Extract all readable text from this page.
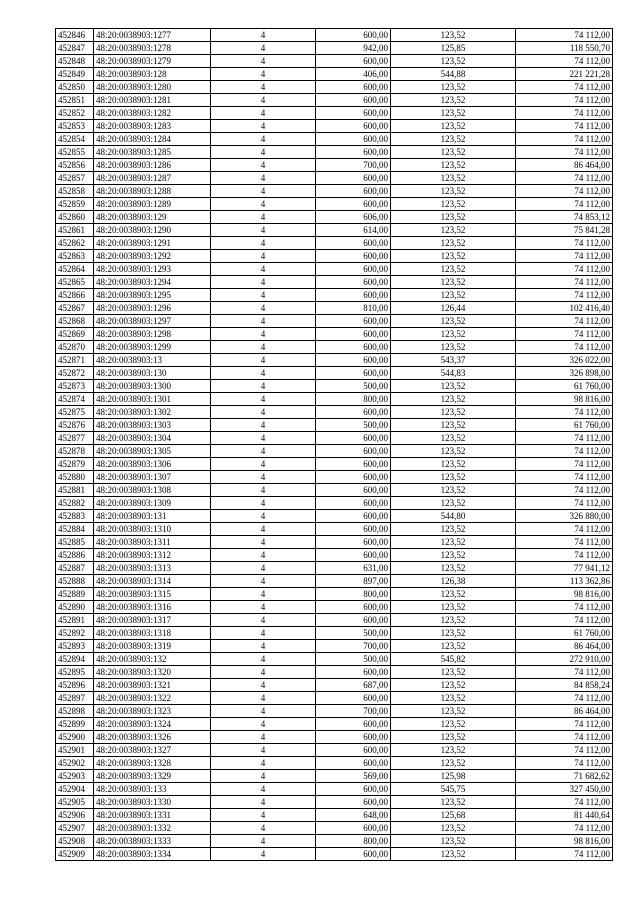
452846	48:20:0038903:1277	4	600,00	123,52	74 112,00
452847	48:20:0038903:1278	4	942,00	125,85	118 550,70
452848	48:20:0038903:1279	4	600,00	123,52	74 112,00
452849	48:20:0038903:128	4	406,00	544,88	221 221,28
452850	48:20:0038903:1280	4	600,00	123,52	74 112,00
452851	48:20:0038903:1281	4	600,00	123,52	74 112,00
452852	48:20:0038903:1282	4	600,00	123,52	74 112,00
452853	48:20:0038903:1283	4	600,00	123,52	74 112,00
452854	48:20:0038903:1284	4	600,00	123,52	74 112,00
452855	48:20:0038903:1285	4	600,00	123,52	74 112,00
452856	48:20:0038903:1286	4	700,00	123,52	86 464,00
452857	48:20:0038903:1287	4	600,00	123,52	74 112,00
452858	48:20:0038903:1288	4	600,00	123,52	74 112,00
452859	48:20:0038903:1289	4	600,00	123,52	74 112,00
452860	48:20:0038903:129	4	606,00	123,52	74 853,12
452861	48:20:0038903:1290	4	614,00	123,52	75 841,28
452862	48:20:0038903:1291	4	600,00	123,52	74 112,00
452863	48:20:0038903:1292	4	600,00	123,52	74 112,00
452864	48:20:0038903:1293	4	600,00	123,52	74 112,00
452865	48:20:0038903:1294	4	600,00	123,52	74 112,00
452866	48:20:0038903:1295	4	600,00	123,52	74 112,00
452867	48:20:0038903:1296	4	810,00	126,44	102 416,40
452868	48:20:0038903:1297	4	600,00	123,52	74 112,00
452869	48:20:0038903:1298	4	600,00	123,52	74 112,00
452870	48:20:0038903:1299	4	600,00	123,52	74 112,00
452871	48:20:0038903:13	4	600,00	543,37	326 022,00
452872	48:20:0038903:130	4	600,00	544,83	326 898,00
452873	48:20:0038903:1300	4	500,00	123,52	61 760,00
452874	48:20:0038903:1301	4	800,00	123,52	98 816,00
452875	48:20:0038903:1302	4	600,00	123,52	74 112,00
452876	48:20:0038903:1303	4	500,00	123,52	61 760,00
452877	48:20:0038903:1304	4	600,00	123,52	74 112,00
452878	48:20:0038903:1305	4	600,00	123,52	74 112,00
452879	48:20:0038903:1306	4	600,00	123,52	74 112,00
452880	48:20:0038903:1307	4	600,00	123,52	74 112,00
452881	48:20:0038903:1308	4	600,00	123,52	74 112,00
452882	48:20:0038903:1309	4	600,00	123,52	74 112,00
452883	48:20:0038903:131	4	600,00	544,80	326 880,00
452884	48:20:0038903:1310	4	600,00	123,52	74 112,00
452885	48:20:0038903:1311	4	600,00	123,52	74 112,00
452886	48:20:0038903:1312	4	600,00	123,52	74 112,00
452887	48:20:0038903:1313	4	631,00	123,52	77 941,12
452888	48:20:0038903:1314	4	897,00	126,38	113 362,86
452889	48:20:0038903:1315	4	800,00	123,52	98 816,00
452890	48:20:0038903:1316	4	600,00	123,52	74 112,00
452891	48:20:0038903:1317	4	600,00	123,52	74 112,00
452892	48:20:0038903:1318	4	500,00	123,52	61 760,00
452893	48:20:0038903:1319	4	700,00	123,52	86 464,00
452894	48:20:0038903:132	4	500,00	545,82	272 910,00
452895	48:20:0038903:1320	4	600,00	123,52	74 112,00
452896	48:20:0038903:1321	4	687,00	123,52	84 858,24
452897	48:20:0038903:1322	4	600,00	123,52	74 112,00
452898	48:20:0038903:1323	4	700,00	123,52	86 464,00
452899	48:20:0038903:1324	4	600,00	123,52	74 112,00
452900	48:20:0038903:1326	4	600,00	123,52	74 112,00
452901	48:20:0038903:1327	4	600,00	123,52	74 112,00
452902	48:20:0038903:1328	4	600,00	123,52	74 112,00
452903	48:20:0038903:1329	4	569,00	125,98	71 682,62
452904	48:20:0038903:133	4	600,00	545,75	327 450,00
452905	48:20:0038903:1330	4	600,00	123,52	74 112,00
452906	48:20:0038903:1331	4	648,00	125,68	81 440,64
452907	48:20:0038903:1332	4	600,00	123,52	74 112,00
452908	48:20:0038903:1333	4	800,00	123,52	98 816,00
452909	48:20:0038903:1334	4	600,00	123,52	74 112,00
